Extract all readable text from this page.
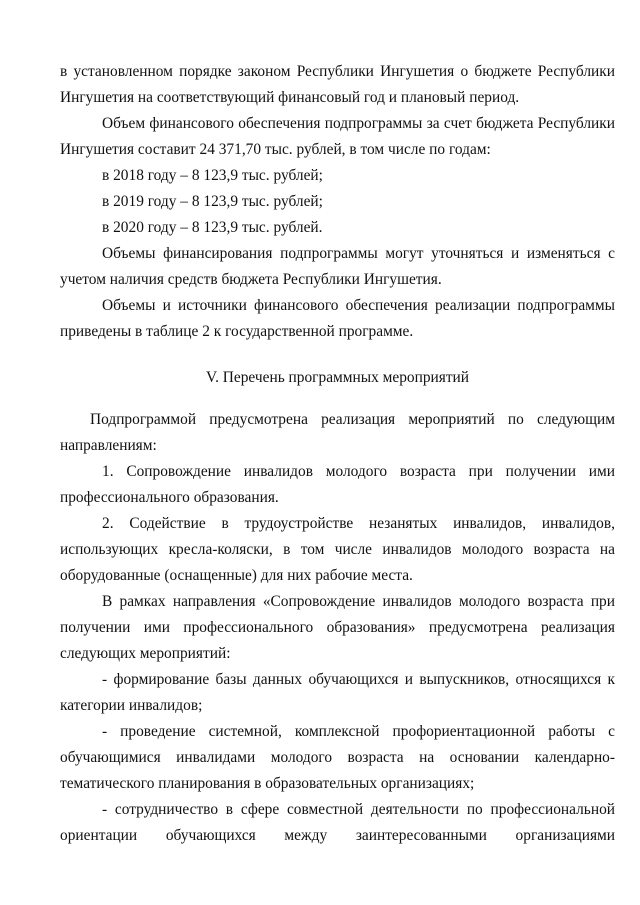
в установленном порядке законом Республики Ингушетия о бюджете Республики
Ингушетия на соответствующий финансовый год и плановый период.
Объем финансового обеспечения подпрограммы за счет бюджета Республики
Ингушетия составит 24 371,70 тыс. рублей, в том числе по годам:
в 2018 году – 8 123,9 тыс. рублей;
в 2019 году – 8 123,9 тыс. рублей;
в 2020 году – 8 123,9 тыс. рублей.
Объемы финансирования подпрограммы могут уточняться и изменяться с
учетом наличия средств бюджета Республики Ингушетия.
Объемы и источники финансового обеспечения реализации подпрограммы
приведены в таблице 2 к государственной программе.
V. Перечень программных мероприятий
Подпрограммой предусмотрена реализация мероприятий по следующим
направлениям:
1. Сопровождение инвалидов молодого возраста при получении ими
профессионального образования.
2. Содействие в трудоустройстве незанятых инвалидов, инвалидов,
использующих кресла-коляски, в том числе инвалидов молодого возраста на
оборудованные (оснащенные) для них рабочие места.
В рамках направления «Сопровождение инвалидов молодого возраста при
получении ими профессионального образования» предусмотрена реализация
следующих мероприятий:
- формирование базы данных обучающихся и выпускников, относящихся к
категории инвалидов;
- проведение системной, комплексной профориентационной работы с
обучающимися инвалидами молодого возраста на основании календарно-
тематического планирования в образовательных организациях;
- сотрудничество в сфере совместной деятельности по профессиональной
ориентации обучающихся между заинтересованными организациями
